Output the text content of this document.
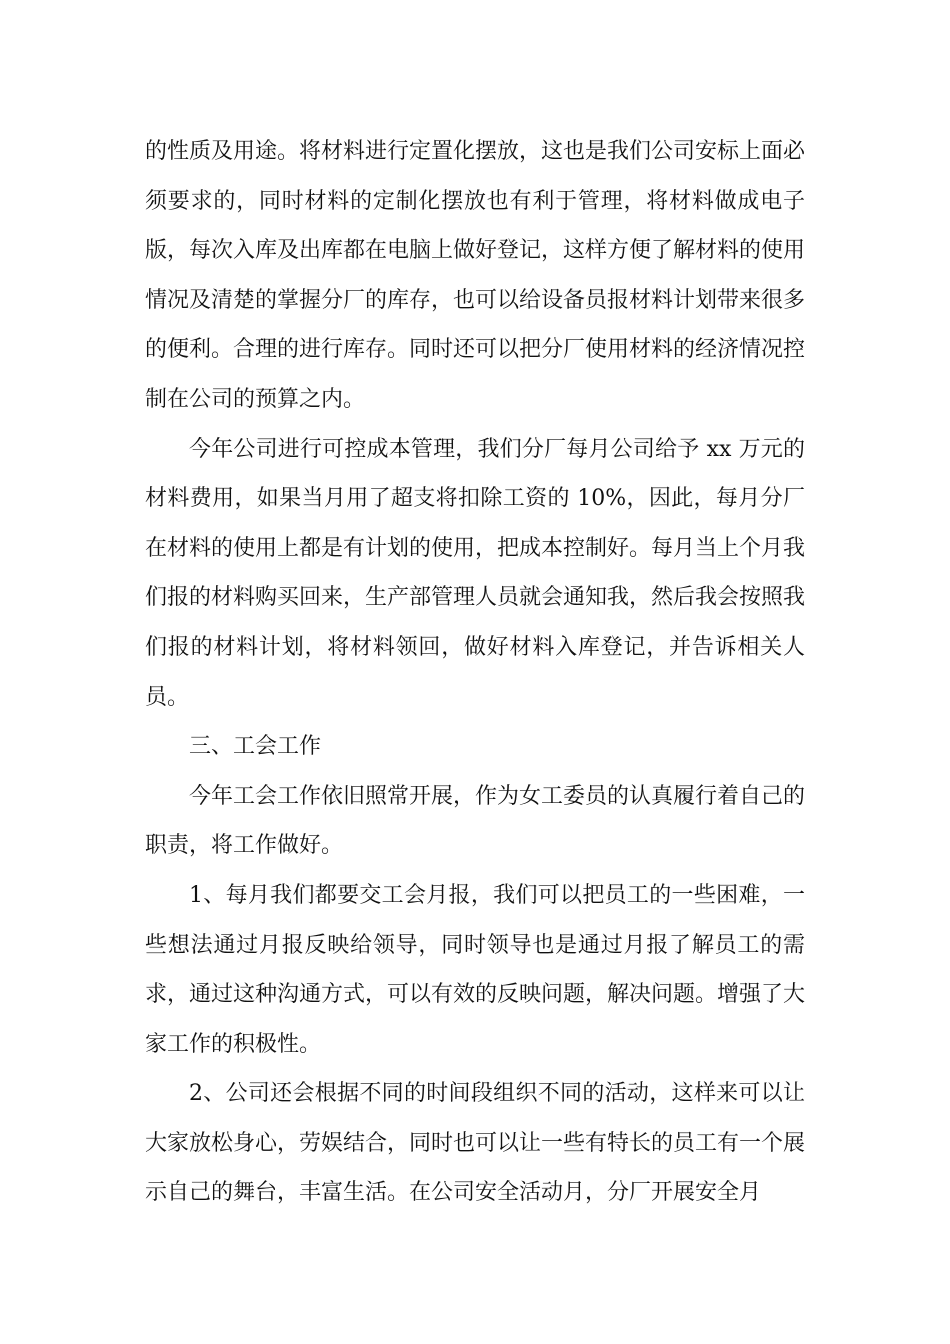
的性质及用途。将材料进行定置化摆放，这也是我们公司安标上面必须要求的，同时材料的定制化摆放也有利于管理，将材料做成电子版，每次入库及出库都在电脑上做好登记，这样方便了解材料的使用情况及清楚的掌握分厂的库存，也可以给设备员报材料计划带来很多的便利。合理的进行库存。同时还可以把分厂使用材料的经济情况控制在公司的预算之内。

今年公司进行可控成本管理，我们分厂每月公司给予 xx 万元的材料费用，如果当月用了超支将扣除工资的 10%，因此，每月分厂在材料的使用上都是有计划的使用，把成本控制好。每月当上个月我们报的材料购买回来，生产部管理人员就会通知我，然后我会按照我们报的材料计划，将材料领回，做好材料入库登记，并告诉相关人员。

三、工会工作

今年工会工作依旧照常开展，作为女工委员的认真履行着自己的职责，将工作做好。

1、每月我们都要交工会月报，我们可以把员工的一些困难，一些想法通过月报反映给领导，同时领导也是通过月报了解员工的需求，通过这种沟通方式，可以有效的反映问题，解决问题。增强了大家工作的积极性。

2、公司还会根据不同的时间段组织不同的活动，这样来可以让大家放松身心，劳娱结合，同时也可以让一些有特长的员工有一个展示自己的舞台，丰富生活。在公司安全活动月，分厂开展安全月
